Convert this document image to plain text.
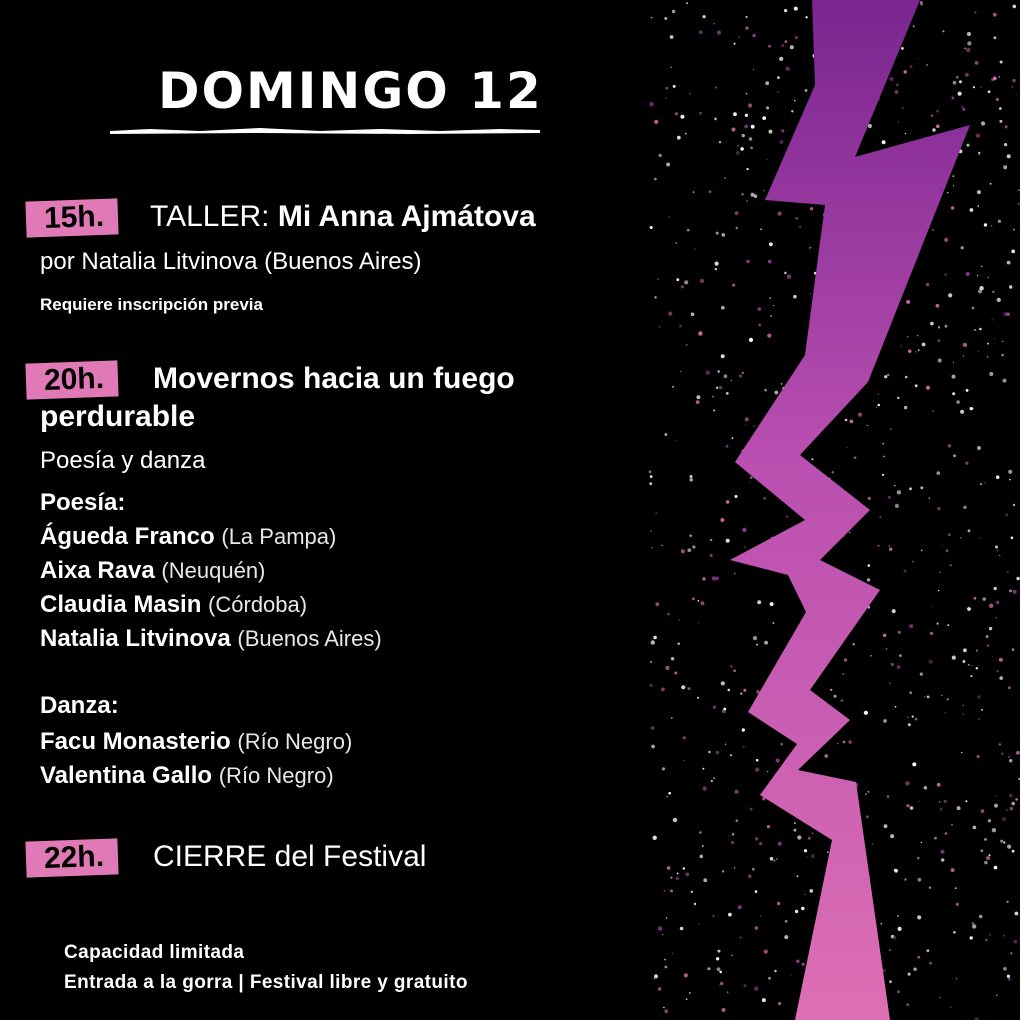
DOMINGO 12
15h.	TALLER: Mi Anna Ajmátova
por Natalia Litvinova (Buenos Aires)
Requiere inscripción previa
20h.	Movernos hacia un fuego
perdurable
Poesía y danza
Poesía:
Águeda Franco (La Pampa)
Aixa Rava (Neuquén)
Claudia Masin (Córdoba)
Natalia Litvinova (Buenos Aires)
Danza:
Facu Monasterio (Río Negro)
Valentina Gallo (Río Negro)
22h.	CIERRE del Festival
Capacidad limitada
Entrada a la gorra | Festival libre y gratuito
